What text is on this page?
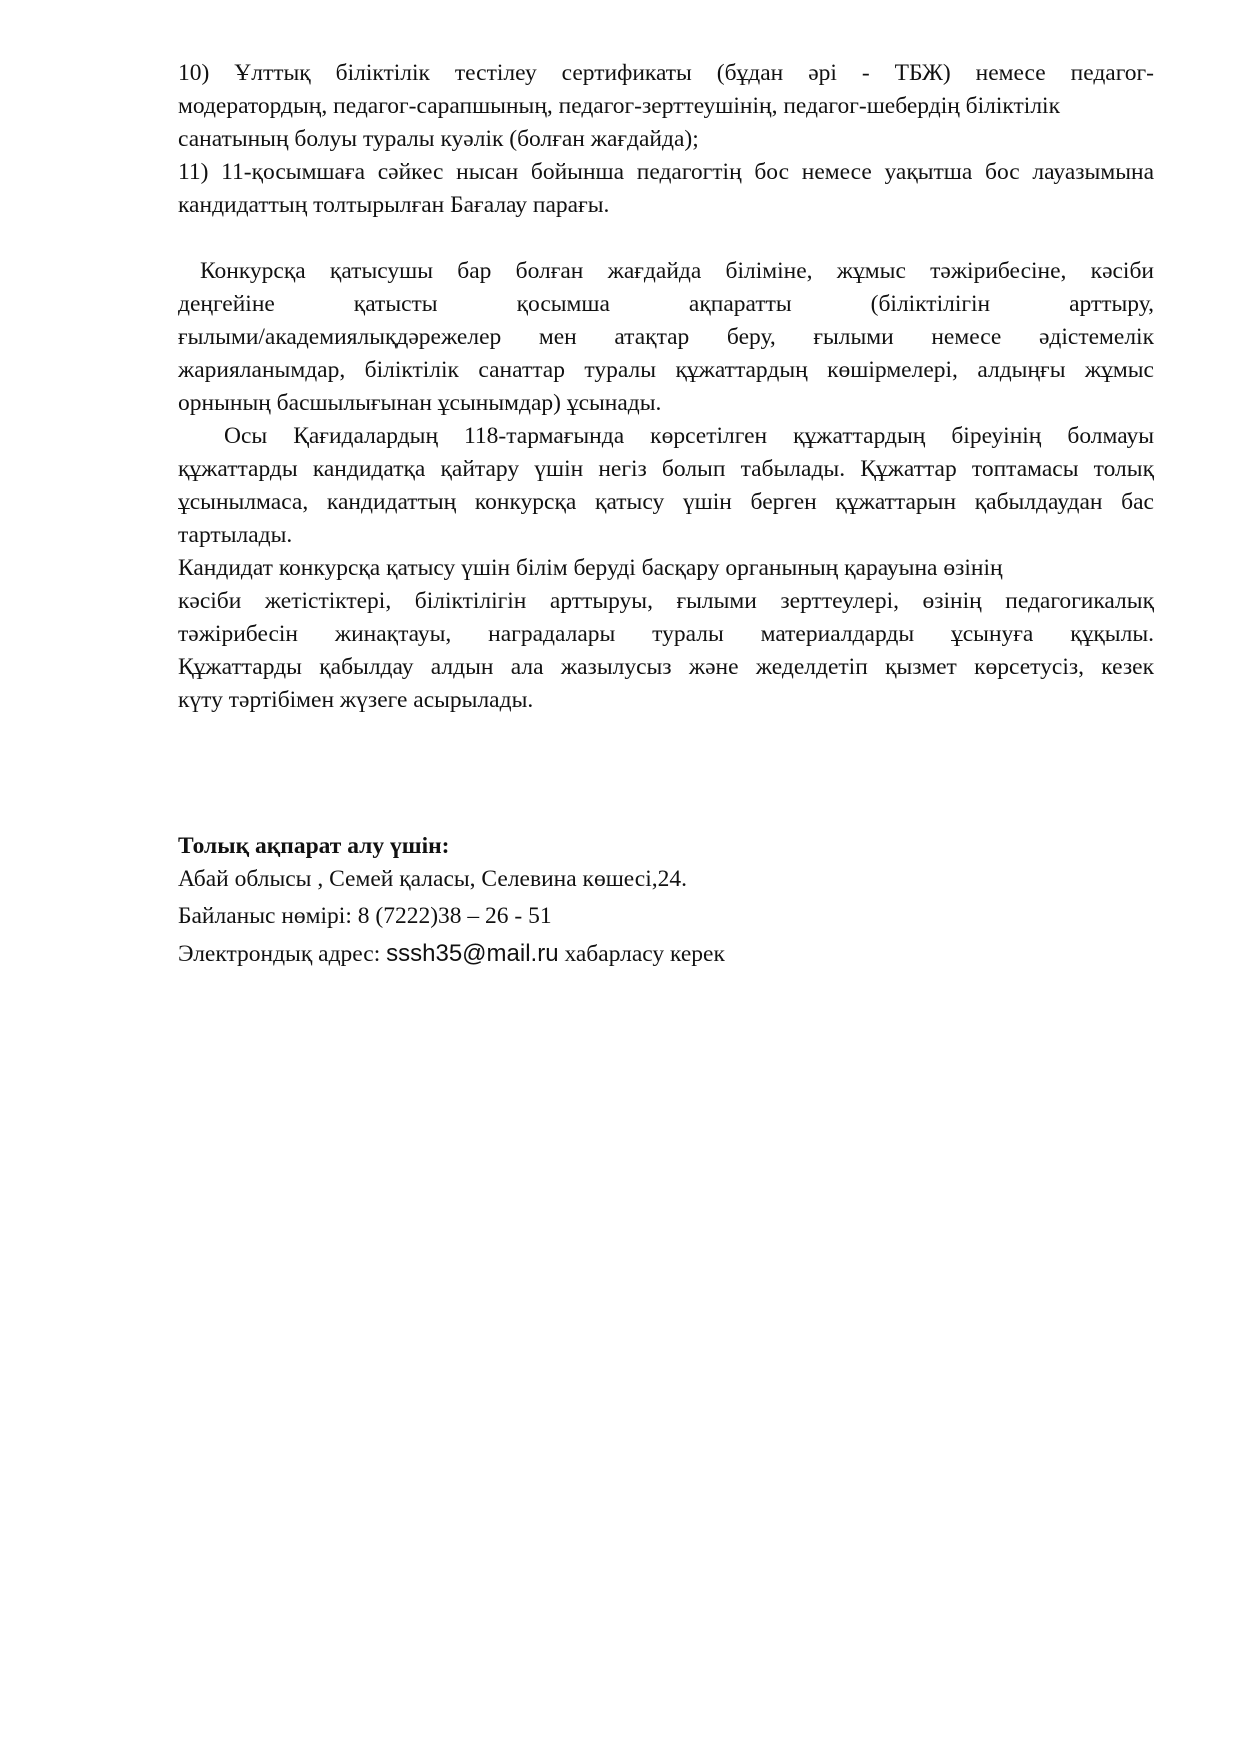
10) Ұлттық біліктілік тестілеу сертификаты (бұдан әрі - ТБЖ) немесе педагог-
модератордың, педагог-сарапшының, педагог-зерттеушінің, педагог-шебердің біліктілік
санатының болуы туралы куәлік (болған жағдайда);
11) 11-қосымшаға сәйкес нысан бойынша педагогтің бос немесе уақытша бос лауазымына
кандидаттың толтырылған Бағалау парағы.
Конкурсқа қатысушы бар болған жағдайда біліміне, жұмыс тәжірибесіне, кәсіби
деңгейіне қатысты қосымша ақпаратты (біліктілігін арттыру,
ғылыми/академиялықдәрежелер мен атақтар беру, ғылыми немесе әдістемелік
жарияланымдар, біліктілік санаттар туралы құжаттардың көшірмелері, алдыңғы жұмыс
орнының басшылығынан ұсынымдар) ұсынады.
Осы Қағидалардың 118-тармағында көрсетілген құжаттардың біреуінің болмауы
құжаттарды кандидатқа қайтару үшін негіз болып табылады. Құжаттар топтамасы толық
ұсынылмаса, кандидаттың конкурсқа қатысу үшін берген құжаттарын қабылдаудан бас
тартылады.
Кандидат конкурсқа қатысу үшін білім беруді басқару органының қарауына өзінің
кәсіби жетістіктері, біліктілігін арттыруы, ғылыми зерттеулері, өзінің педагогикалық
тәжірибесін жинақтауы, наградалары туралы материалдарды ұсынуға құқылы.
Құжаттарды қабылдау алдын ала жазылусыз және жеделдетіп қызмет көрсетусіз, кезек
күту тәртібімен жүзеге асырылады.
Толық ақпарат алу үшін:
Абай облысы , Семей қаласы, Селевина көшесі,24.
Байланыс нөмірі: 8 (7222)38 – 26 - 51
Электрондық адрес: sssh35@mail.ru хабарласу керек
